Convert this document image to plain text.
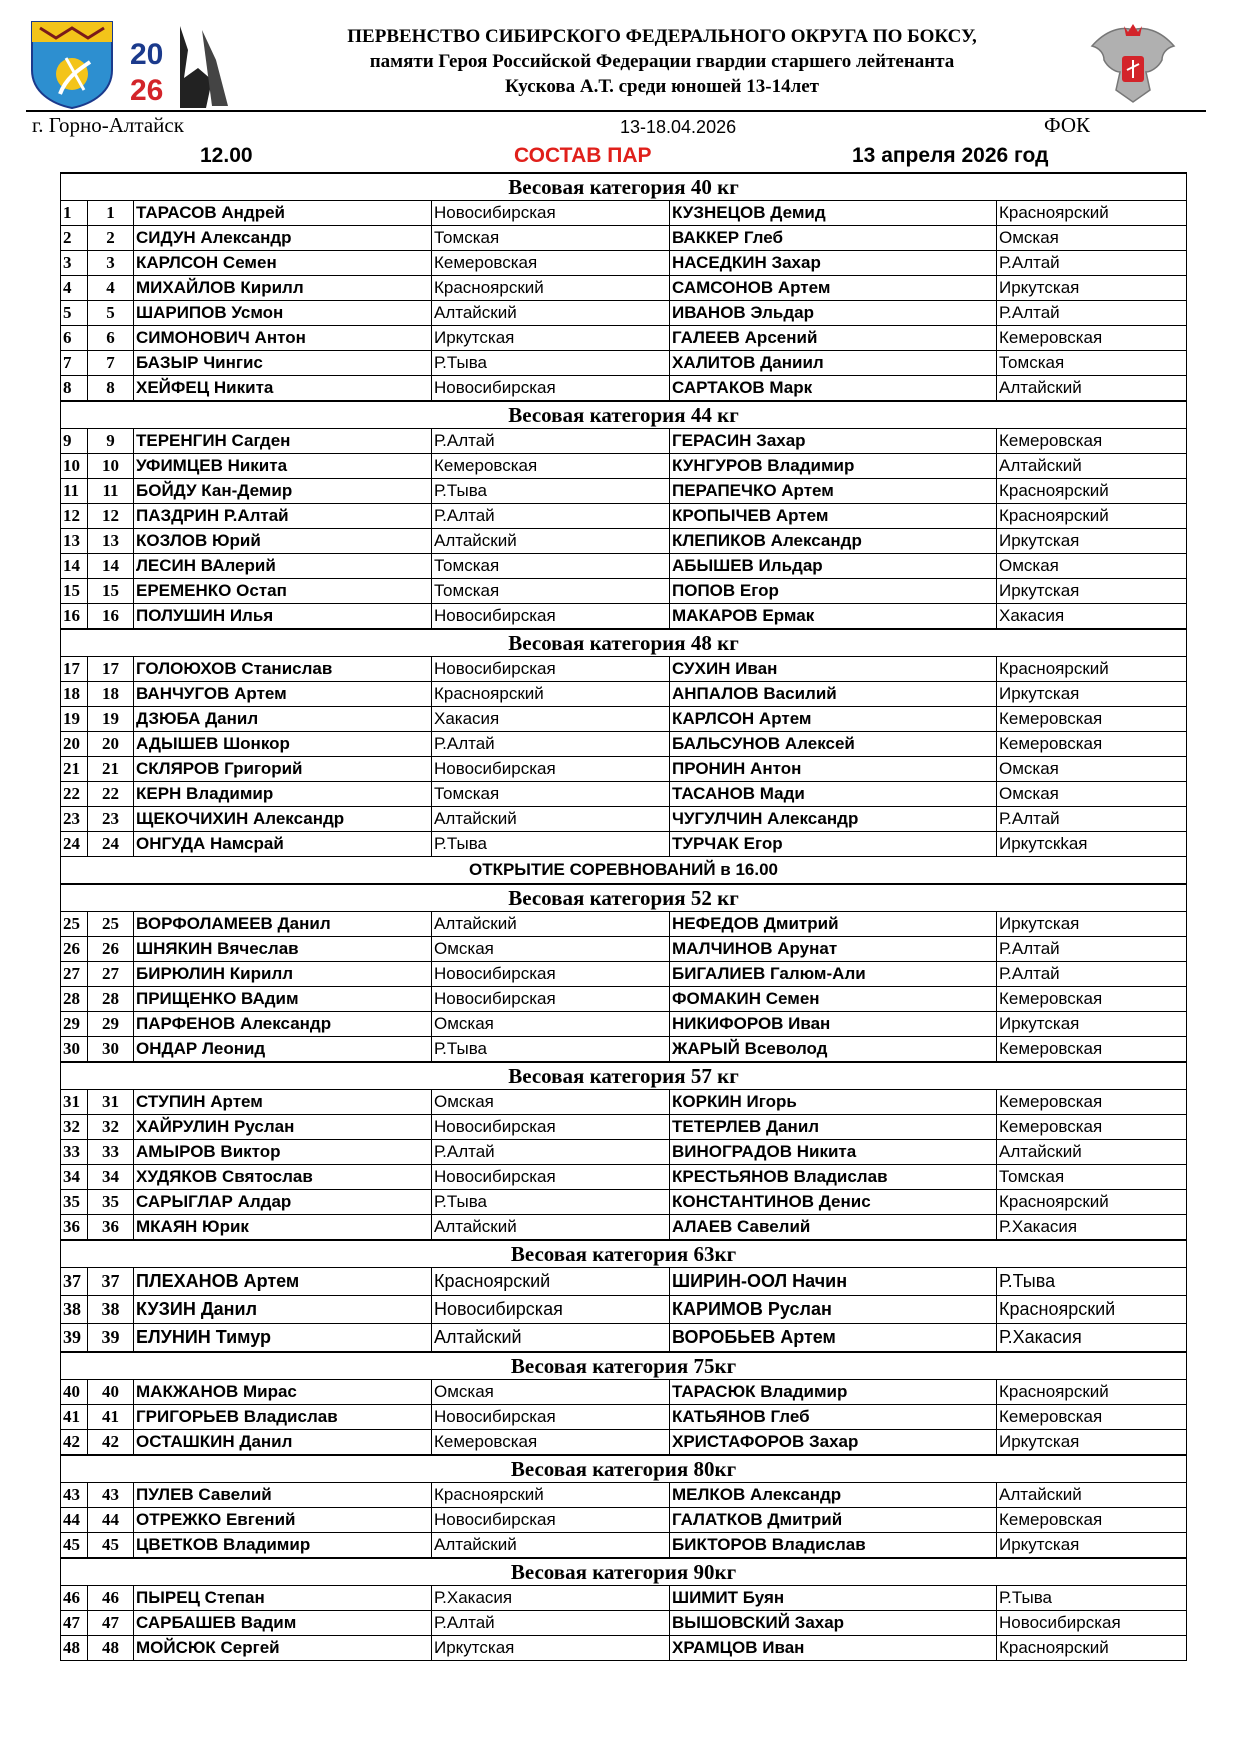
20
26
ПЕРВЕНСТВО СИБИРСКОГО ФЕДЕРАЛЬНОГО ОКРУГА ПО БОКСУ,
памяти Героя Российской Федерации гвардии старшего лейтенанта
Кускова А.Т. среди юношей 13-14лет
г. Горно-Алтайск	13-18.04.2026	ФОК
12.00	СОСТАВ ПАР	13 апреля 2026 год
Весовая категория 40 кг					
1	1	ТАРАСОВ Андрей	Новосибирская	КУЗНЕЦОВ Демид	Красноярский
2	2	СИДУН Александр	Томская	ВАККЕР Глеб	Омская
3	3	КАРЛСОН Семен	Кемеровская	НАСЕДКИН Захар	Р.Алтай
4	4	МИХАЙЛОВ Кирилл	Красноярский	САМСОНОВ Артем	Иркутская
5	5	ШАРИПОВ Усмон	Алтайский	ИВАНОВ Эльдар	Р.Алтай
6	6	СИМОНОВИЧ Антон	Иркутская	ГАЛЕЕВ Арсений	Кемеровская
7	7	БАЗЫР Чингис	Р.Тыва	ХАЛИТОВ Даниил	Томская
8	8	ХЕЙФЕЦ Никита	Новосибирская	САРТАКОВ Марк	Алтайский
Весовая категория 44 кг					
9	9	ТЕРЕНГИН Сагден	Р.Алтай	ГЕРАСИН Захар	Кемеровская
10	10	УФИМЦЕВ Никита	Кемеровская	КУНГУРОВ Владимир	Алтайский
11	11	БОЙДУ Кан-Демир	Р.Тыва	ПЕРАПЕЧКО Артем	Красноярский
12	12	ПАЗДРИН Р.Алтай	Р.Алтай	КРОПЫЧЕВ Артем	Красноярский
13	13	КОЗЛОВ Юрий	Алтайский	КЛЕПИКОВ Александр	Иркутская
14	14	ЛЕСИН ВАлерий	Томская	АБЫШЕВ Ильдар	Омская
15	15	ЕРЕМЕНКО Остап	Томская	ПОПОВ Егор	Иркутская
16	16	ПОЛУШИН Илья	Новосибирская	МАКАРОВ Ермак	Хакасия
Весовая категория 48 кг					
17	17	ГОЛОЮХОВ Станислав	Новосибирская	СУХИН Иван	Красноярский
18	18	ВАНЧУГОВ Артем	Красноярский	АНПАЛОВ Василий	Иркутская
19	19	ДЗЮБА Данил	Хакасия	КАРЛСОН Артем	Кемеровская
20	20	АДЫШЕВ Шонкор	Р.Алтай	БАЛЬСУНОВ Алексей	Кемеровская
21	21	СКЛЯРОВ Григорий	Новосибирская	ПРОНИН Антон	Омская
22	22	КЕРН Владимир	Томская	ТАСАНОВ Мади	Омская
23	23	ЩЕКОЧИХИН Александр	Алтайский	ЧУГУЛЧИН Александр	Р.Алтай
24	24	ОНГУДА Намсрай	Р.Тыва	ТУРЧАК Егор	Иркутскkая
ОТКРЫТИЕ СОРЕВНОВАНИЙ в 16.00					
Весовая категория 52 кг					
25	25	ВОРФОЛАМЕЕВ Данил	Алтайский	НЕФЕДОВ Дмитрий	Иркутская
26	26	ШНЯКИН Вячеслав	Омская	МАЛЧИНОВ Арунат	Р.Алтай
27	27	БИРЮЛИН Кирилл	Новосибирская	БИГАЛИЕВ Галюм-Али	Р.Алтай
28	28	ПРИЩЕНКО ВАдим	Новосибирская	ФОМАКИН Семен	Кемеровская
29	29	ПАРФЕНОВ Александр	Омская	НИКИФОРОВ Иван	Иркутская
30	30	ОНДАР Леонид	Р.Тыва	ЖАРЫЙ Всеволод	Кемеровская
Весовая категория 57 кг					
31	31	СТУПИН Артем	Омская	КОРКИН Игорь	Кемеровская
32	32	ХАЙРУЛИН Руслан	Новосибирская	ТЕТЕРЛЕВ Данил	Кемеровская
33	33	АМЫРОВ Виктор	Р.Алтай	ВИНОГРАДОВ Никита	Алтайский
34	34	ХУДЯКОВ Святослав	Новосибирская	КРЕСТЬЯНОВ Владислав	Томская
35	35	САРЫГЛАР Алдар	Р.Тыва	КОНСТАНТИНОВ Денис	Красноярский
36	36	МКАЯН Юрик	Алтайский	АЛАЕВ Савелий	Р.Хакасия
Весовая категория 63кг					
37	37	ПЛЕХАНОВ Артем	Красноярский	ШИРИН-ООЛ Начин	Р.Тыва
38	38	КУЗИН Данил	Новосибирская	КАРИМОВ Руслан	Красноярский
39	39	ЕЛУНИН Тимур	Алтайский	ВОРОБЬЕВ Артем	Р.Хакасия
Весовая категория 75кг					
40	40	МАКЖАНОВ Мирас	Омская	ТАРАСЮК Владимир	Красноярский
41	41	ГРИГОРЬЕВ Владислав	Новосибирская	КАТЬЯНОВ Глеб	Кемеровская
42	42	ОСТАШКИН Данил	Кемеровская	ХРИСТАФОРОВ Захар	Иркутская
Весовая категория 80кг					
43	43	ПУЛЕВ Савелий	Красноярский	МЕЛКОВ Александр	Алтайский
44	44	ОТРЕЖКО Евгений	Новосибирская	ГАЛАТКОВ Дмитрий	Кемеровская
45	45	ЦВЕТКОВ Владимир	Алтайский	БИКТОРОВ Владислав	Иркутская
Весовая категория 90кг					
46	46	ПЫРЕЦ Степан	Р.Хакасия	ШИМИТ Буян	Р.Тыва
47	47	САРБАШЕВ Вадим	Р.Алтай	ВЫШОВСКИЙ Захар	Новосибирская
48	48	МОЙСЮК Сергей	Иркутская	ХРАМЦОВ Иван	Красноярский
